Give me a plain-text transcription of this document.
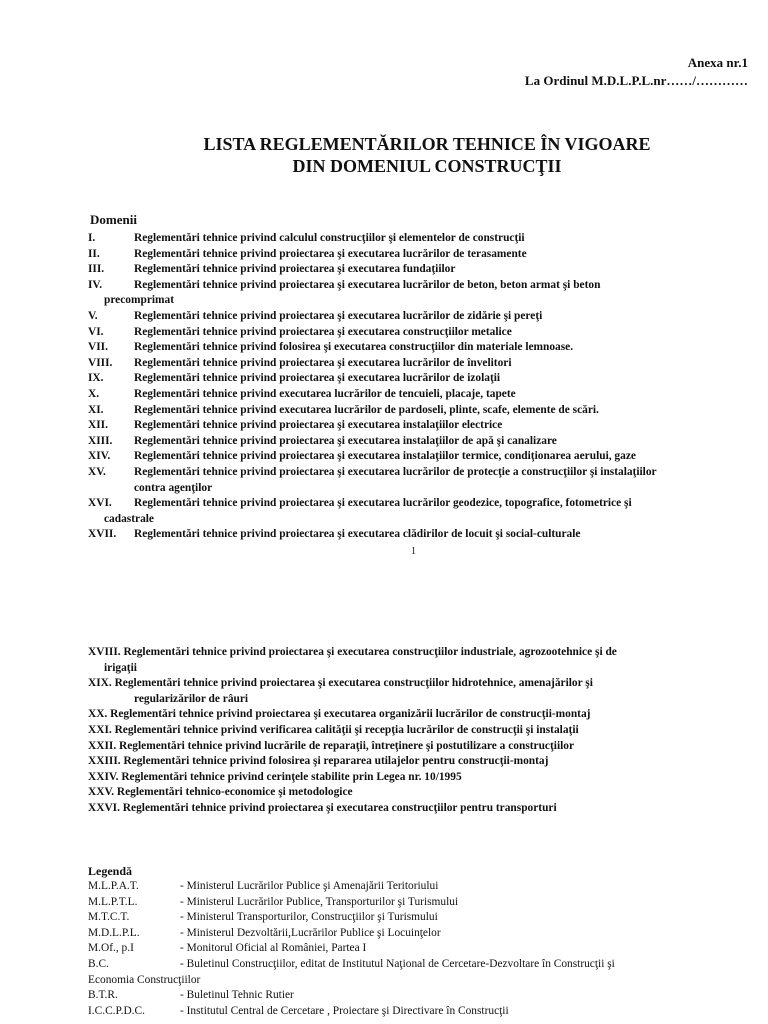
Anexa nr.1
La Ordinul M.D.L.P.L.nr……/…………
LISTA REGLEMENTĂRILOR TEHNICE ÎN VIGOARE
DIN DOMENIUL CONSTRUCŢII
Domenii
I.	Reglementări tehnice privind calculul construcţiilor şi elementelor de construcţii
II.	Reglementări tehnice privind proiectarea şi executarea lucrărilor de terasamente
III.	Reglementări tehnice privind proiectarea şi executarea fundaţiilor
IV.	Reglementări tehnice privind proiectarea şi executarea lucrărilor de beton, beton armat şi beton
precomprimat
V.	Reglementări tehnice privind proiectarea şi executarea lucrărilor de zidărie şi pereţi
VI.	Reglementări tehnice privind proiectarea şi executarea construcţiilor metalice
VII. Reglementări tehnice privind folosirea şi executarea construcţiilor din materiale lemnoase.
VIII. Reglementări tehnice privind proiectarea şi executarea lucrărilor de învelitori
IX.	Reglementări tehnice privind proiectarea şi executarea lucrărilor de izolaţii
X.	Reglementări tehnice privind executarea lucrărilor de tencuieli, placaje, tapete
XI.	Reglementări tehnice privind executarea lucrărilor de pardoseli, plinte, scafe, elemente de scări.
XII. Reglementări tehnice privind proiectarea şi executarea instalaţiilor electrice
XIII. Reglementări tehnice privind proiectarea şi executarea instalaţiilor de apă şi canalizare
XIV. Reglementări tehnice privind proiectarea şi executarea instalaţiilor termice, condiţionarea aerului, gaze
XV. Reglementări tehnice privind proiectarea şi executarea lucrărilor de protecţie a construcţiilor şi instalaţiilor
contra agenţilor
XVI. Reglementări tehnice privind proiectarea şi executarea lucrărilor geodezice, topografice, fotometrice şi
cadastrale
XVII. Reglementări tehnice privind proiectarea şi executarea clădirilor de locuit şi social-culturale
1
XVIII. Reglementări tehnice privind proiectarea şi executarea construcţiilor industriale, agrozootehnice şi de
irigaţii
XIX. Reglementări tehnice privind proiectarea şi executarea construcţiilor hidrotehnice, amenajărilor şi
regularizărilor de râuri
XX. Reglementări tehnice privind proiectarea şi executarea organizării lucrărilor de construcţii-montaj
XXI. Reglementări tehnice privind verificarea calităţii şi recepţia lucrărilor de construcţii şi instalaţii
XXII. Reglementări tehnice privind lucrările de reparaţii, întreţinere şi postutilizare a construcţiilor
XXIII. Reglementări tehnice privind folosirea şi repararea utilajelor pentru construcţii-montaj
XXIV. Reglementări tehnice privind cerinţele stabilite prin Legea nr. 10/1995
XXV. Reglementări tehnico-economice şi metodologice
XXVI. Reglementări tehnice privind proiectarea şi executarea construcţiilor pentru transporturi
Legendă
M.L.P.A.T.	- Ministerul Lucrărilor Publice şi Amenajării Teritoriului
M.L.P.T.L.	- Ministerul Lucrărilor Publice, Transporturilor şi Turismului
M.T.C.T.	- Ministerul Transporturilor, Construcţiilor şi Turismului
M.D.L.P.L.	- Ministerul Dezvoltării,Lucrărilor Publice şi Locuinţelor
M.Of., p.I	- Monitorul Oficial al României, Partea I
B.C.	- Buletinul Construcţiilor, editat de Institutul Naţional de Cercetare-Dezvoltare în Construcţii şi
Economia Construcţiilor
B.T.R.	- Buletinul Tehnic Rutier
I.C.C.P.D.C.	- Institutul Central de Cercetare , Proiectare şi Directivare în Construcţii
